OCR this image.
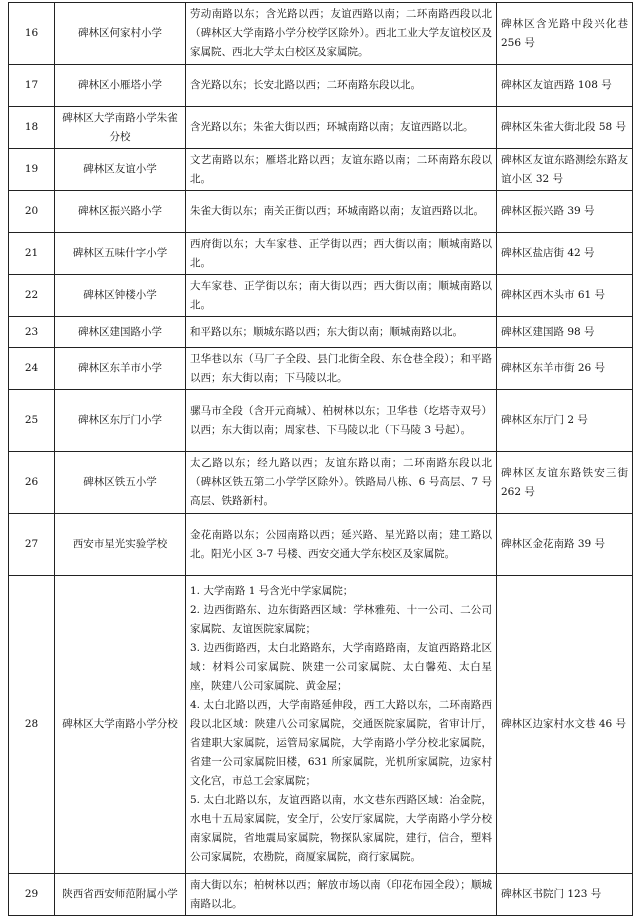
16	碑林区何家村小学	劳动南路以东；含光路以西；友谊西路以南；二环南路西段以北（碑林区大学南路小学分校学区除外）。西北工业大学友谊校区及家属院、西北大学太白校区及家属院。	碑林区含光路中段兴化巷 256 号
17	碑林区小雁塔小学	含光路以东；长安北路以西；二环南路东段以北。	碑林区友谊西路 108 号
18	碑林区大学南路小学朱雀分校	含光路以东；朱雀大街以西；环城南路以南；友谊西路以北。	碑林区朱雀大街北段 58 号
19	碑林区友谊小学	文艺南路以东；雁塔北路以西；友谊东路以南；二环南路东段以北。	碑林区友谊东路测绘东路友谊小区 32 号
20	碑林区振兴路小学	朱雀大街以东；南关正街以西；环城南路以南；友谊西路以北。	碑林区振兴路 39 号
21	碑林区五味什字小学	西府街以东；大车家巷、正学街以西；西大街以南；顺城南路以北。	碑林区盐店街 42 号
22	碑林区钟楼小学	大车家巷、正学街以东；南大街以西；西大街以南；顺城南路以北。	碑林区西木头市 61 号
23	碑林区建国路小学	和平路以东；顺城东路以西；东大街以南；顺城南路以北。	碑林区建国路 98 号
24	碑林区东羊市小学	卫华巷以东（马厂子全段、县门北街全段、东仓巷全段）；和平路以西；东大街以南；下马陵以北。	碑林区东羊市街 26 号
25	碑林区东厅门小学	骡马市全段（含开元商城）、柏树林以东；卫华巷（圪塔寺双号）以西；东大街以南；周家巷、下马陵以北（下马陵 3 号起）。	碑林区东厅门 2 号
26	碑林区铁五小学	太乙路以东；经九路以西；友谊东路以南；二环南路东段以北（碑林区铁五第二小学学区除外）。铁路局八栋、6 号高层、7 号高层、铁路新村。	碑林区友谊东路铁安三街 262 号
27	西安市星光实验学校	金花南路以东；公园南路以西；延兴路、星光路以南；建工路以北。阳光小区 3-7 号楼、西安交通大学东校区及家属院。	碑林区金花南路 39 号
28	碑林区大学南路小学分校	1. 大学南路 1 号含光中学家属院；
2. 边西街路东、边东街路西区域：学林雅苑、十一公司、二公司家属院、友谊医院家属院；
3. 边西街路西，太白北路路东，大学南路路南，友谊西路路北区域：材料公司家属院、陕建一公司家属院、太白馨苑、太白星座，陕建八公司家属院、黄金屋；
4. 太白北路以西，大学南路延伸段，西工大路以东，二环南路西段以北区域：陕建八公司家属院，交通医院家属院，省审计厅，省建职大家属院，运管局家属院，大学南路小学分校北家属院，省建一公司家属院旧楼，631 所家属院，光机所家属院，边家村文化宫，市总工会家属院；
5. 太白北路以东，友谊西路以南，水文巷东西路区域：冶金院，水电十五局家属院，安全厅，公安厅家属院，大学南路小学分校南家属院，省地震局家属院，物探队家属院，建行，信合，塑料公司家属院，农勘院，商厦家属院，商行家属院。	碑林区边家村水文巷 46 号
29	陕西省西安师范附属小学	南大街以东；柏树林以西；解放市场以南（印花布园全段）；顺城南路以北。	碑林区书院门 123 号
